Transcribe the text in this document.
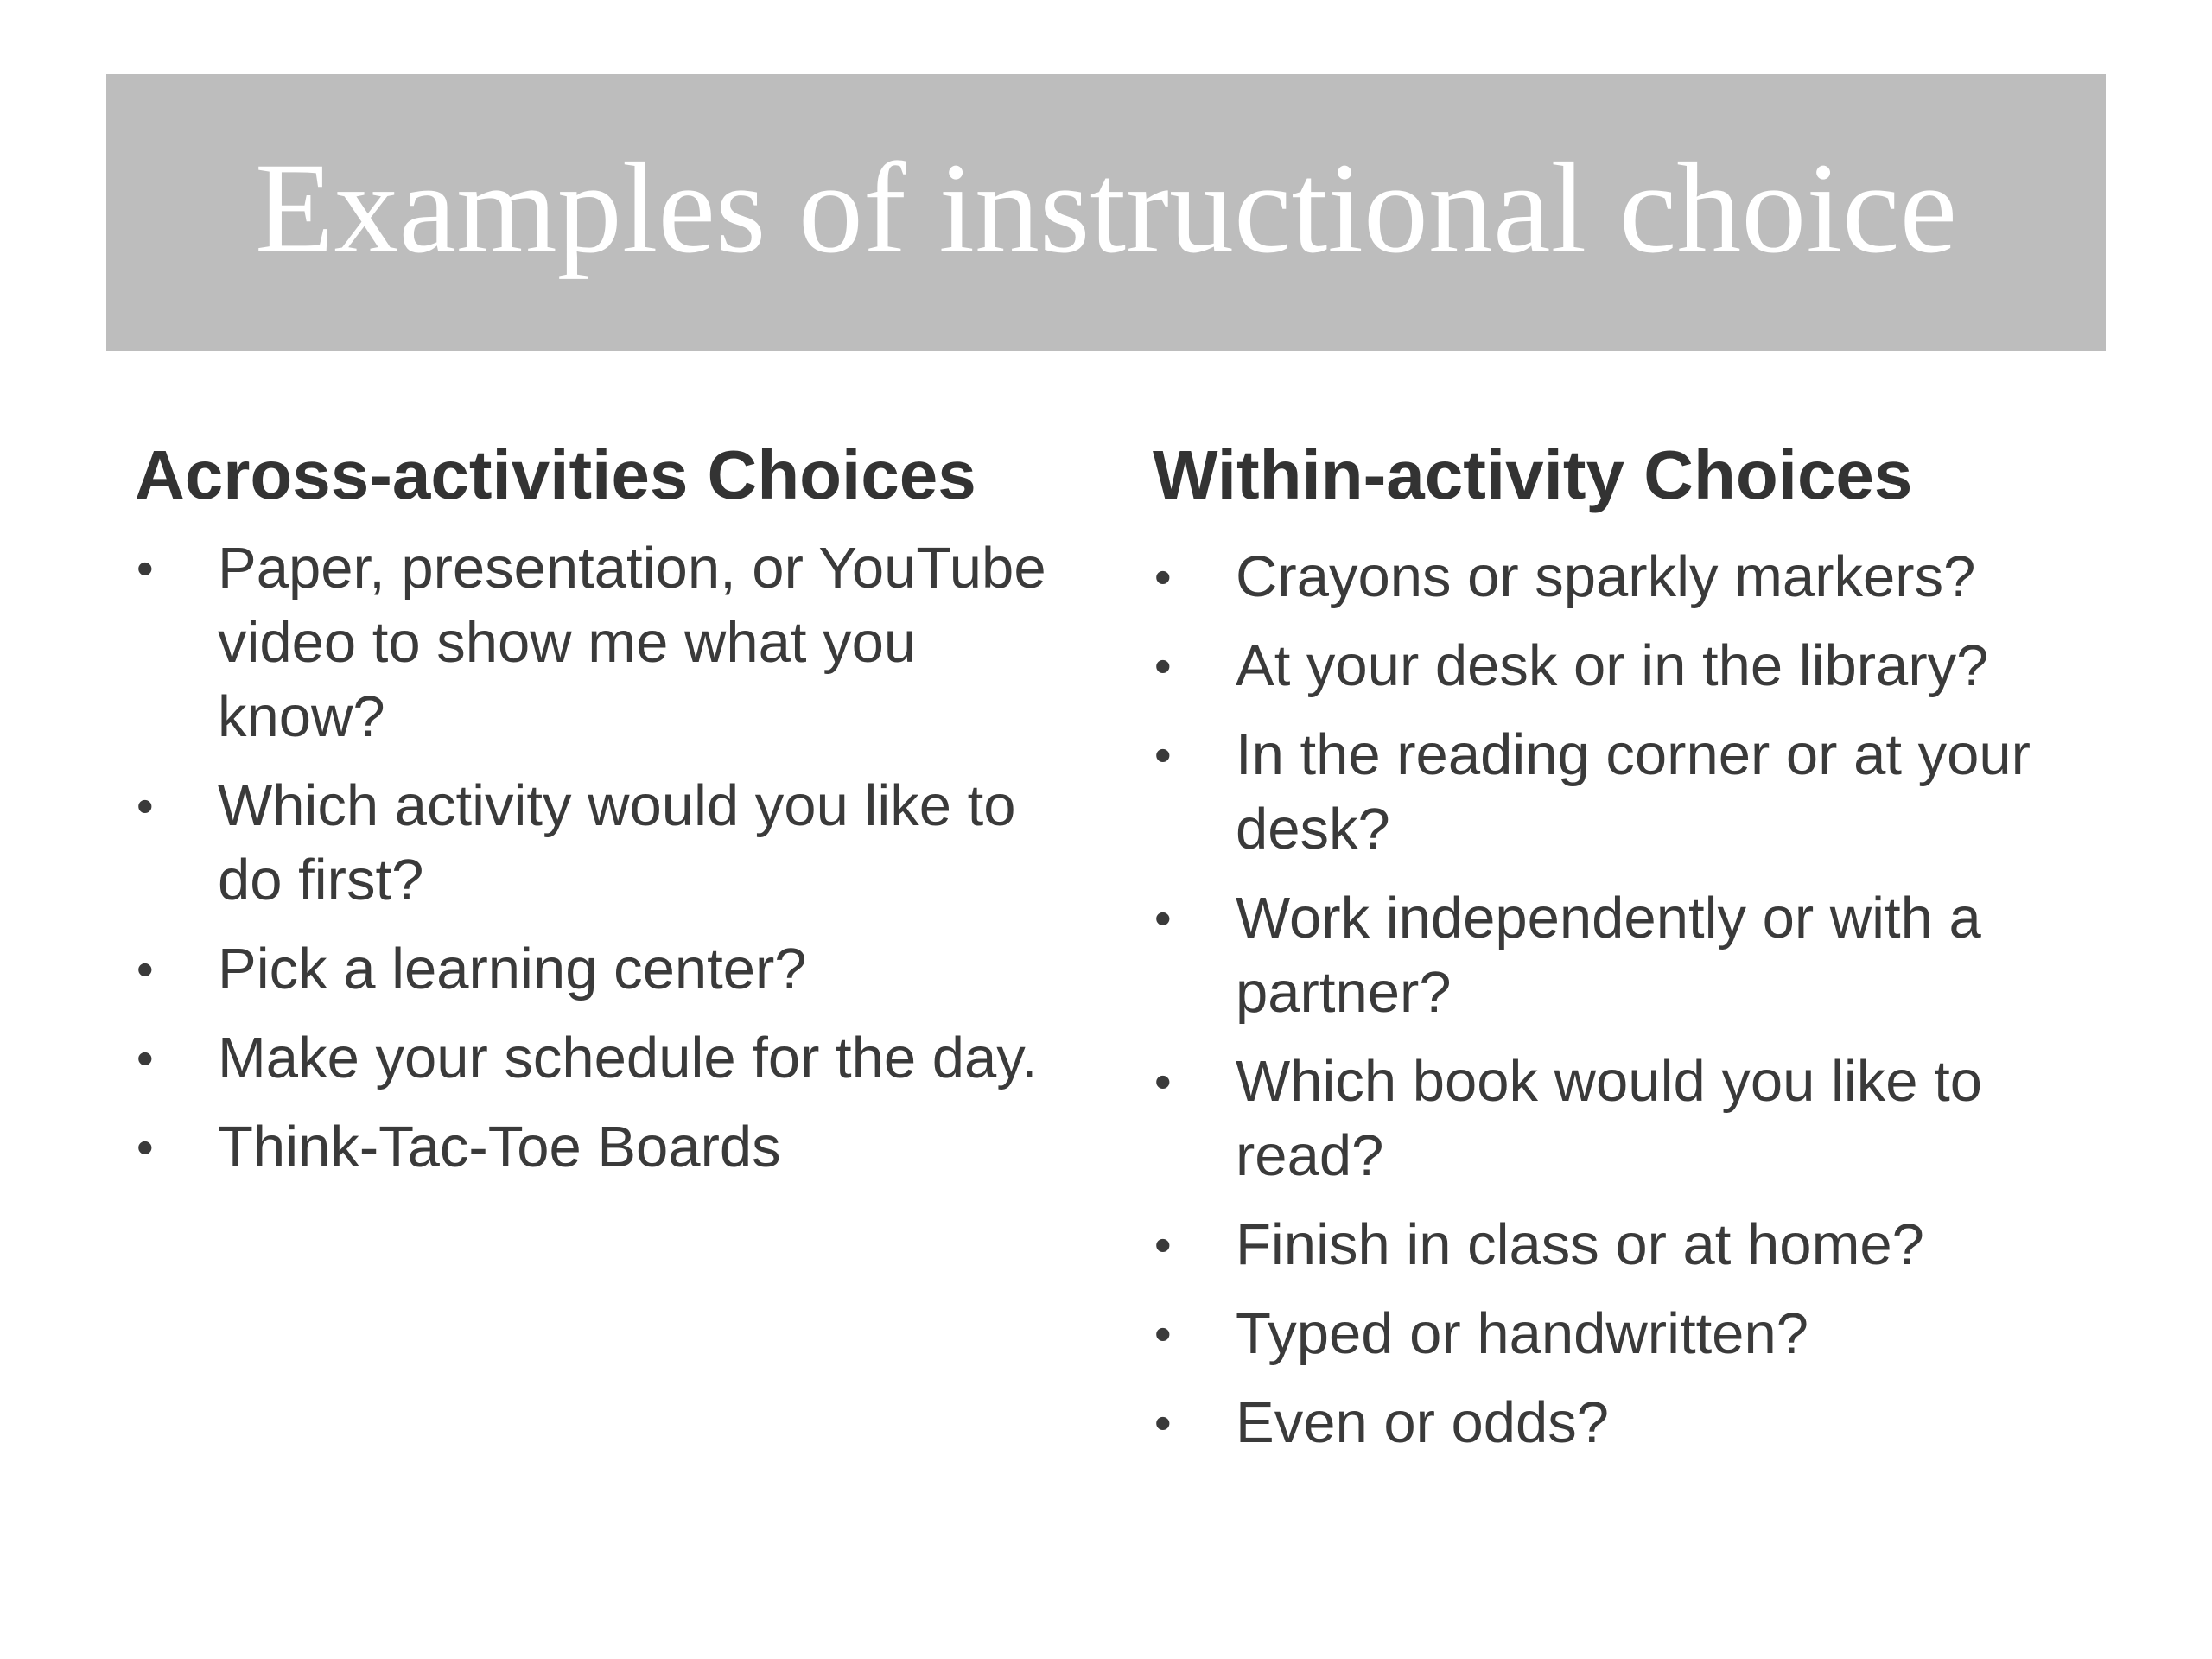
Examples of instructional choice
Across-activities Choices
• Paper, presentation, or YouTube video to show me what you know?
• Which activity would you like to do first?
• Pick a learning center?
• Make your schedule for the day.
• Think-Tac-Toe Boards
Within-activity Choices
• Crayons or sparkly markers?
• At your desk or in the library?
• In the reading corner or at your desk?
• Work independently or with a partner?
• Which book would you like to read?
• Finish in class or at home?
• Typed or handwritten?
• Even or odds?
